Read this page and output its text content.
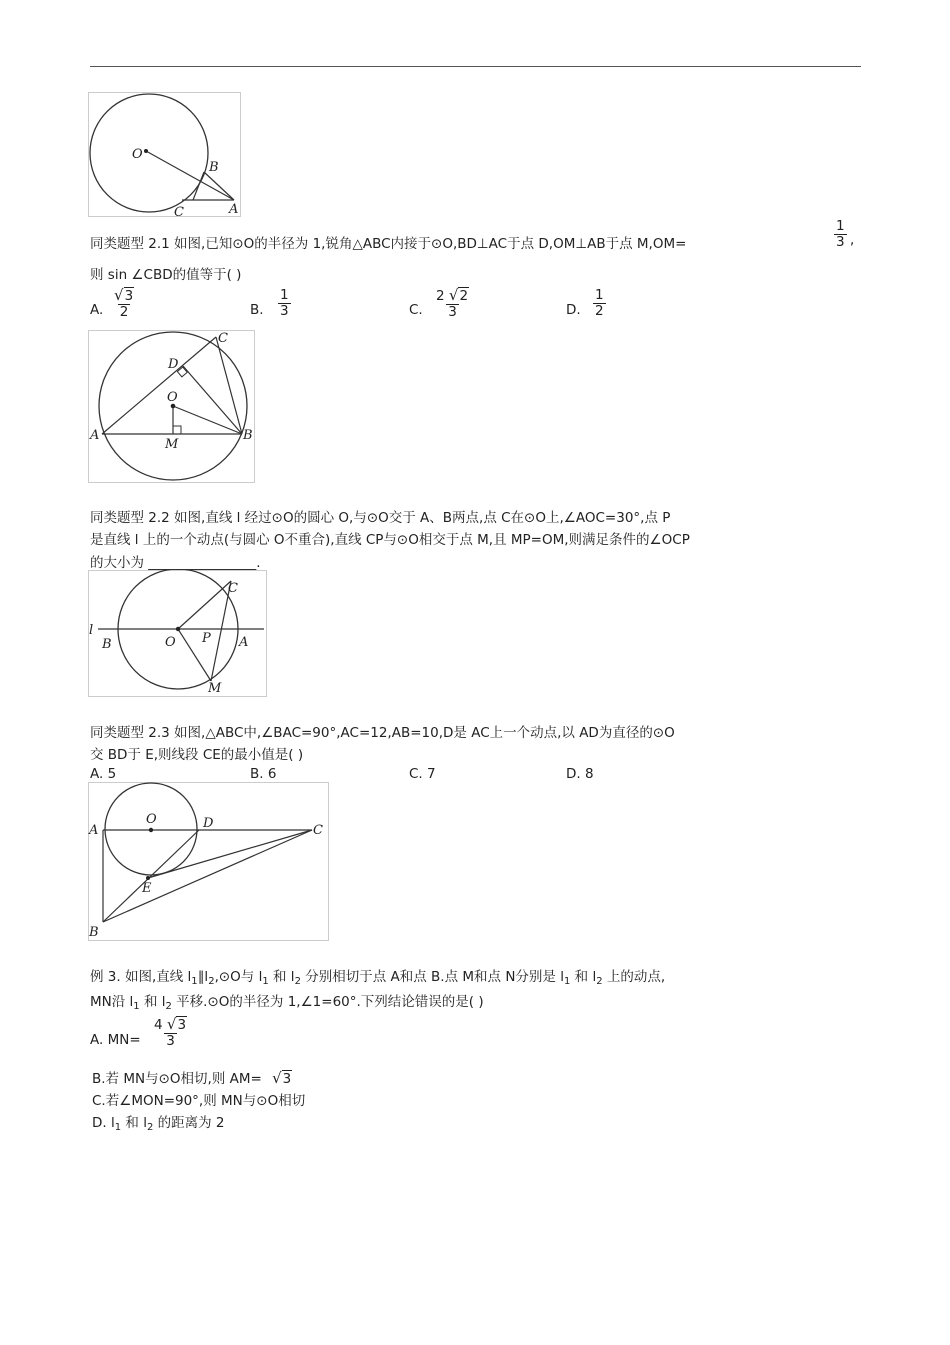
O
B
C	A
同类题型 2.1 如图,已知⊙O的半径为 1,锐角△ABC内接于⊙O,BD⊥AC于点 D,OM⊥AB于点 M,OM=	$\frac{1}{3}$ ,
则 sin ∠CBD的值等于( )
A. $\frac{√3}{2}$	B. $\frac{1}{3}$	C. $\frac{2 √2}{3}$	D. $\frac{1}{2}$
C
D
O
A	B
M
同类题型 2.2 如图,直线 l 经过⊙O的圆心 O,与⊙O交于 A、B两点,点 C在⊙O上,∠AOC=30°,点 P
是直线 l 上的一个动点(与圆心 O不重合),直线 CP与⊙O相交于点 M,且 MP=OM,则满足条件的∠OCP
的大小为 ________________.
l
B	O P A
C
M
同类题型 2.3 如图,△ABC中,∠BAC=90°,AC=12,AB=10,D是 AC上一个动点,以 AD为直径的⊙O
交 BD于 E,则线段 CE的最小值是( )
A. 5	B. 6	C. 7	D. 8
O
A	D	C
E
B
例 3. 如图,直线 $l_1\parallel l_2,⊙O$与 $l_1$ 和 $l_2$ 分别相切于点 A和点 B.点 M和点 N分别是 $l_1$ 和 $l_2$ 上的动点,
MN沿 $l_1$ 和 $l_2$ 平移.⊙O的半径为 1,∠1=60°.下列结论错误的是( )
A. $MN= \frac{4 √3}{3}$
B.若 MN与⊙O相切,则 AM= √3
C.若∠MON=90°,则 MN与⊙O相切
D. $l_1$ 和 $l_2$ 的距离为 2
